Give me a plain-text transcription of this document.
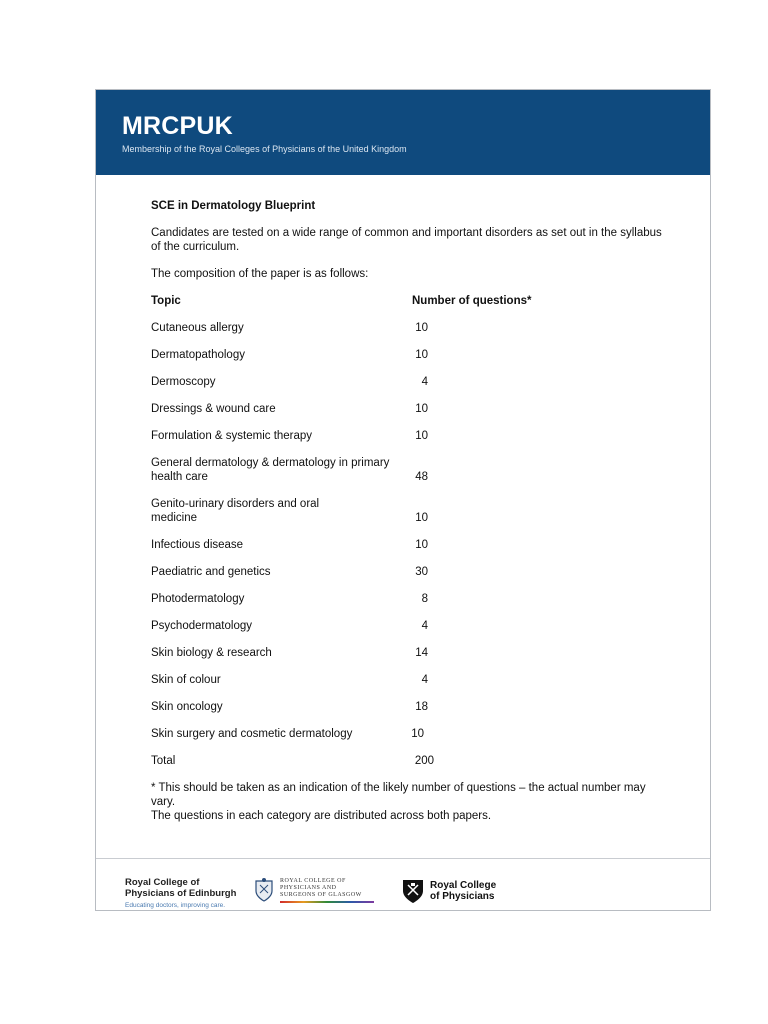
MRCPUK
Membership of the Royal Colleges of Physicians of the United Kingdom

SCE in Dermatology Blueprint

Candidates are tested on a wide range of common and important disorders as set out in the syllabus of the curriculum.

The composition of the paper is as follows:

Topic	Number of questions*
Cutaneous allergy	10
Dermatopathology	10
Dermoscopy	4
Dressings & wound care	10
Formulation & systemic therapy	10
General dermatology & dermatology in primary health care	48
Genito-urinary disorders and oral medicine	10
Infectious disease	10
Paediatric and genetics	30
Photodermatology	8
Psychodermatology	4
Skin biology & research	14
Skin of colour	4
Skin oncology	18
Skin surgery and cosmetic dermatology	10
Total	200

* This should be taken as an indication of the likely number of questions – the actual number may vary.

The questions in each category are distributed across both papers.

Royal College of
Physicians of Edinburgh
Educating doctors, improving care.
ROYAL COLLEGE OF
PHYSICIANS AND
SURGEONS OF GLASGOW
Royal College
of Physicians
